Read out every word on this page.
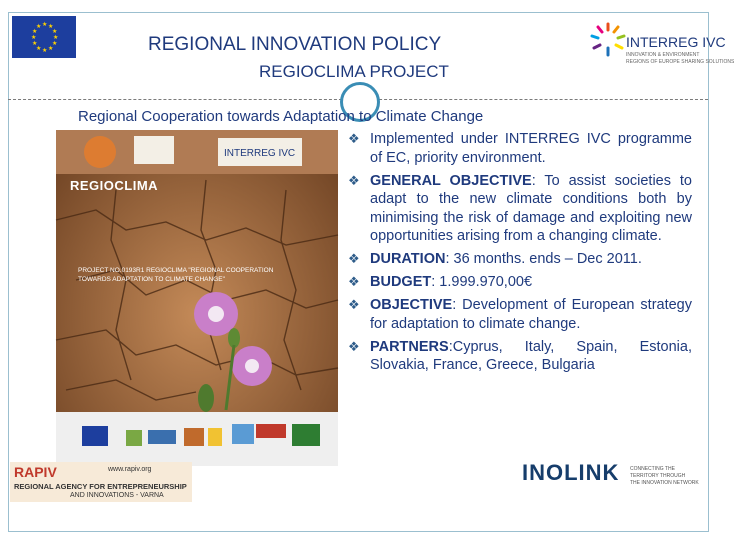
★ ★
★
★
★
★
★
★
★
★
★
★
REGIONAL INNOVATION POLICY
REGIOCLIMA PROJECT
Regional Cooperation towards Adaptation to Climate Change
INTERREG IVC
INNOVATION & ENVIRONMENT
REGIONS OF EUROPE SHARING SOLUTIONS
INTERREG IVC
REGIOCLIMA
PROJECT NO.0193R1 REGIOCLIMA "REGIONAL COOPERATION TOWARDS ADAPTATION TO CLIMATE CHANGE"
❖ Implemented under INTERREG IVC programme of EC, priority environment.
❖ GENERAL OBJECTIVE: To assist societies to adapt to the new climate conditions both by minimising the risk of damage and exploiting new opportunities arising from a changing climate.
❖ DURATION: 36 months. ends – Dec 2011.
❖ BUDGET: 1.999.970,00€
❖ OBJECTIVE: Development of European strategy for adaptation to climate change.
❖ PARTNERS:Cyprus, Italy, Spain, Estonia, Slovakia, France, Greece, Bulgaria
RAPIV	www.rapiv.org
REGIONAL AGENCY FOR ENTREPRENEURSHIP
AND INNOVATIONS - VARNA
INOLINK CONNECTING THE
TERRITORY THROUGH
THE INNOVATION NETWORK
